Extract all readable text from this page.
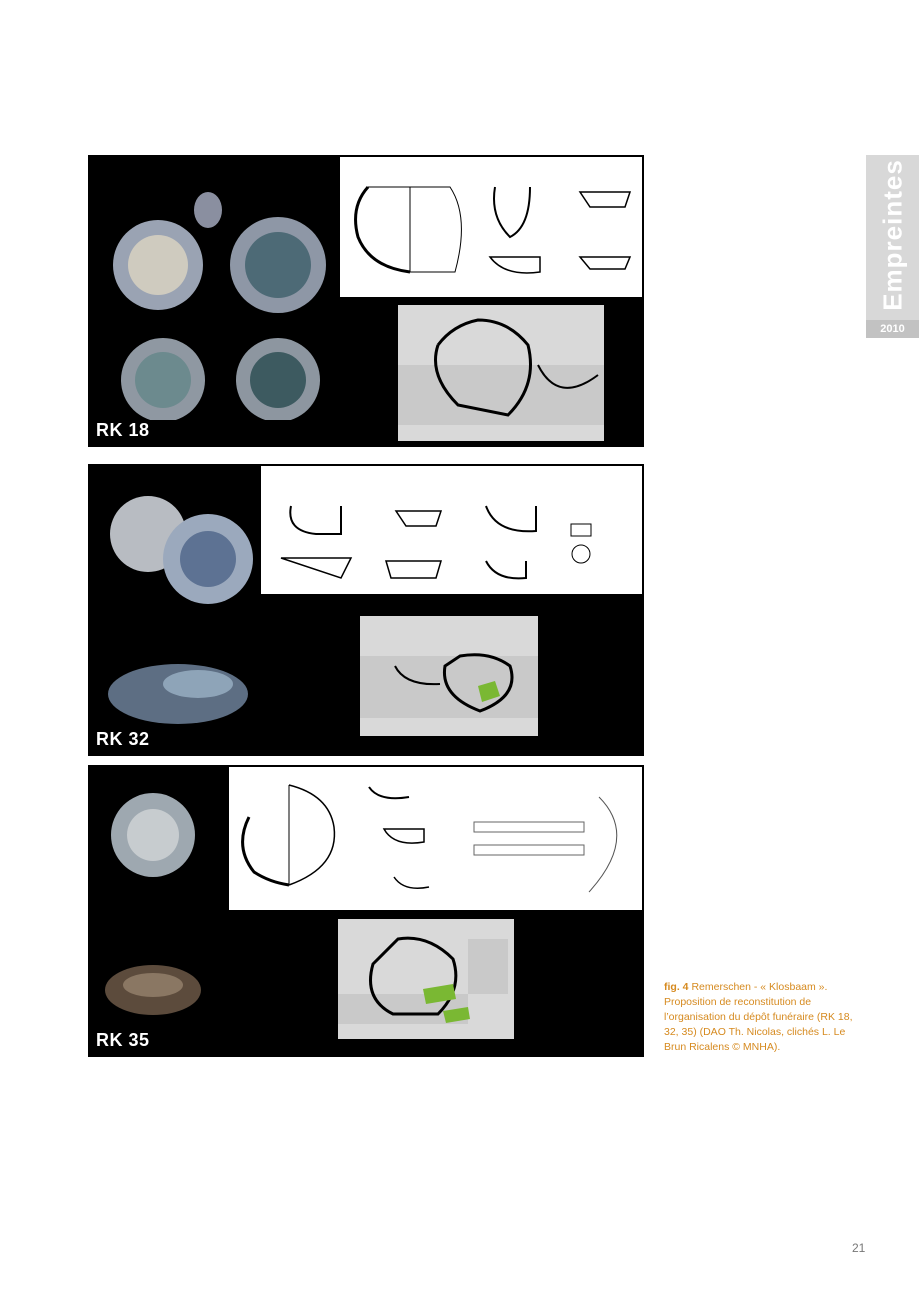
RK 18
RK 32
RK 35
Empreintes
2010
fig. 4 Remerschen - « Klosbaam ». Proposition de reconstitution de l’organisation du dépôt funéraire (RK 18, 32, 35) (DAO Th. Nicolas, clichés L. Le Brun Ricalens © MNHA).
21
